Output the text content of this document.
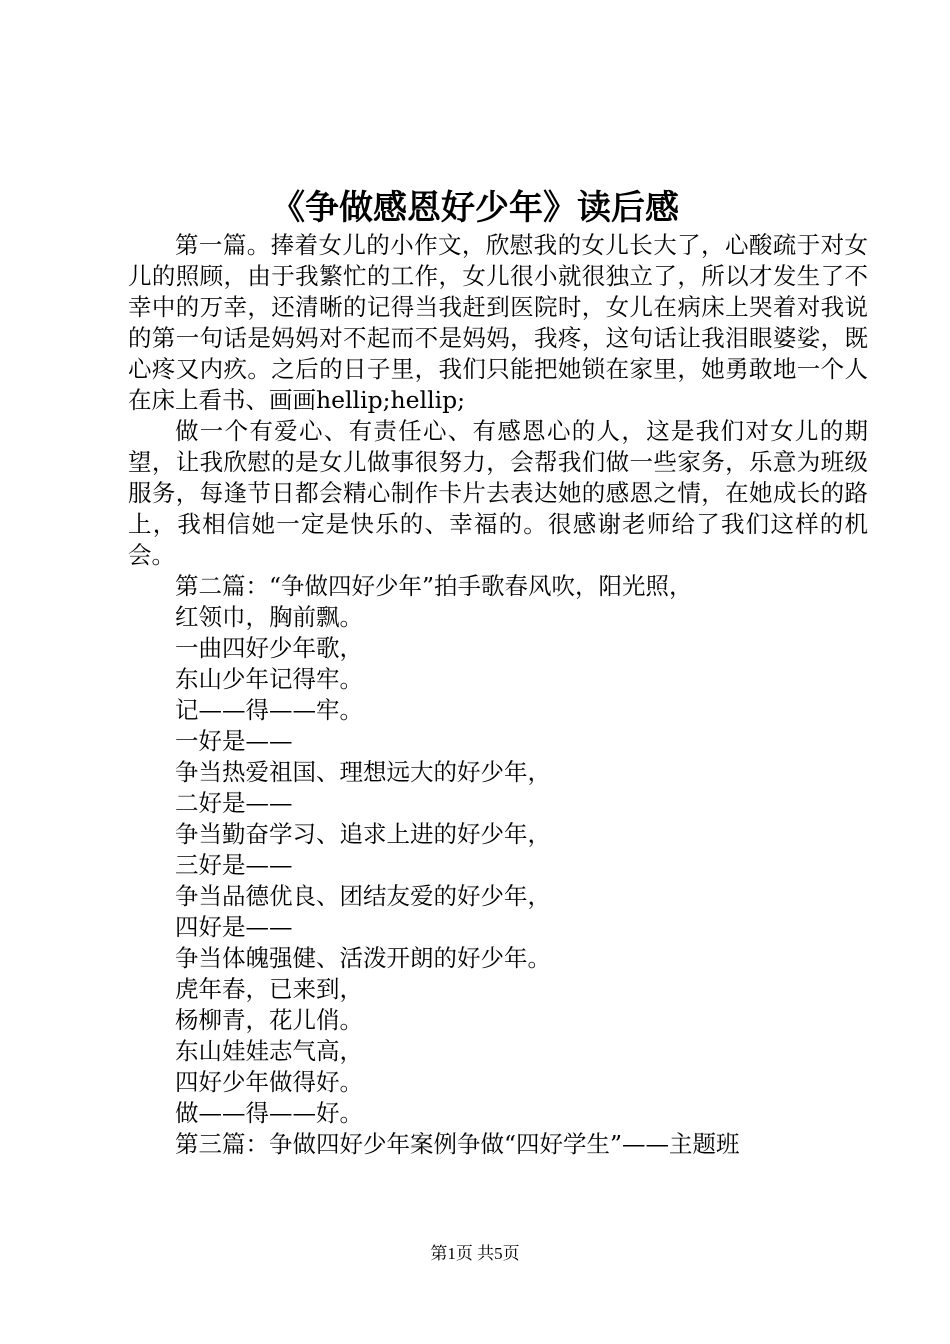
《争做感恩好少年》读后感

第一篇。捧着女儿的小作文，欣慰我的女儿长大了，心酸疏于对女儿的照顾，由于我繁忙的工作，女儿很小就很独立了，所以才发生了不幸中的万幸，还清晰的记得当我赶到医院时，女儿在病床上哭着对我说的第一句话是妈妈对不起而不是妈妈，我疼，这句话让我泪眼婆娑，既心疼又内疚。之后的日子里，我们只能把她锁在家里，她勇敢地一个人在床上看书、画画hellip;hellip;

做一个有爱心、有责任心、有感恩心的人，这是我们对女儿的期望，让我欣慰的是女儿做事很努力，会帮我们做一些家务，乐意为班级服务，每逢节日都会精心制作卡片去表达她的感恩之情，在她成长的路上，我相信她一定是快乐的、幸福的。很感谢老师给了我们这样的机会。

第二篇：“争做四好少年”拍手歌春风吹，阳光照，
红领巾，胸前飘。
一曲四好少年歌，
东山少年记得牢。
记——得——牢。
一好是——
争当热爱祖国、理想远大的好少年，
二好是——
争当勤奋学习、追求上进的好少年，
三好是——
争当品德优良、团结友爱的好少年，
四好是——
争当体魄强健、活泼开朗的好少年。
虎年春，已来到，
杨柳青，花儿俏。
东山娃娃志气高，
四好少年做得好。
做——得——好。
第三篇：争做四好少年案例争做“四好学生”——主题班
第1页 共5页
